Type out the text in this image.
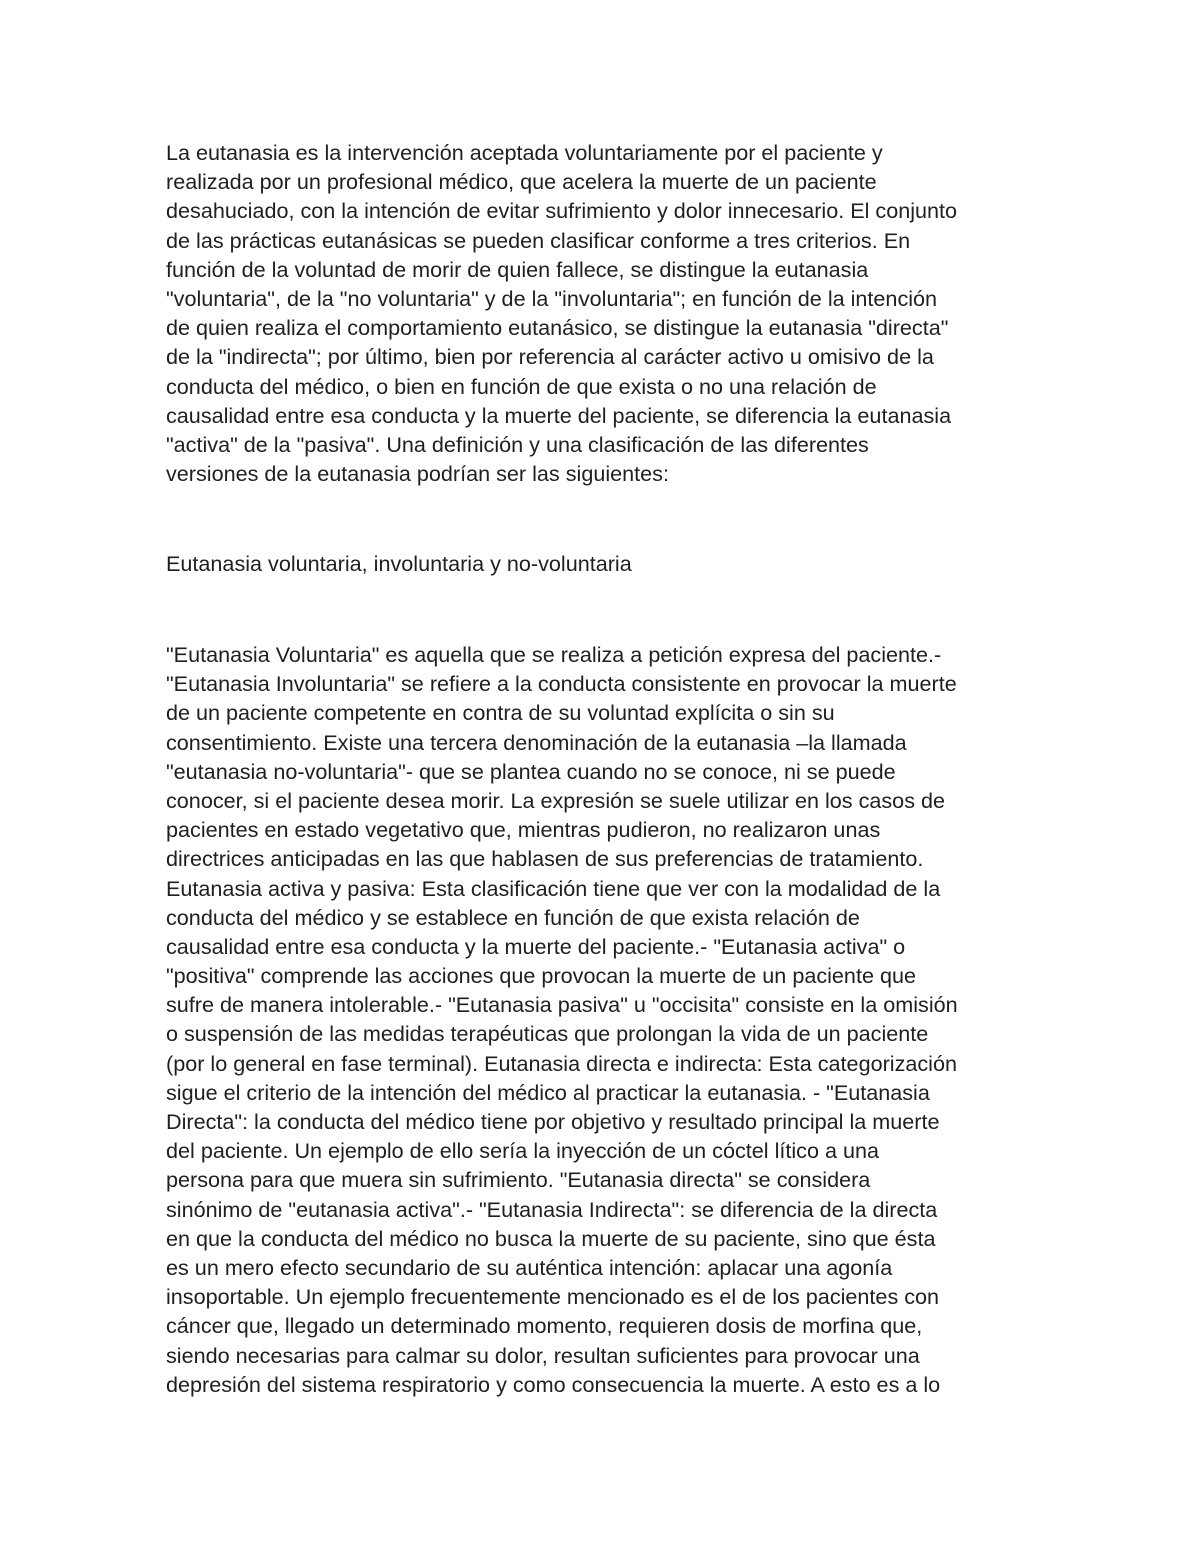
La eutanasia es la intervención aceptada voluntariamente por el paciente y
realizada por un profesional médico, que acelera la muerte de un paciente
desahuciado, con la intención de evitar sufrimiento y dolor innecesario. El conjunto
de las prácticas eutanásicas se pueden clasificar conforme a tres criterios. En
función de la voluntad de morir de quien fallece, se distingue la eutanasia
"voluntaria", de la "no voluntaria" y de la "involuntaria"; en función de la intención
de quien realiza el comportamiento eutanásico, se distingue la eutanasia "directa"
de la "indirecta"; por último, bien por referencia al carácter activo u omisivo de la
conducta del médico, o bien en función de que exista o no una relación de
causalidad entre esa conducta y la muerte del paciente, se diferencia la eutanasia
"activa" de la "pasiva". Una definición y una clasificación de las diferentes
versiones de la eutanasia podrían ser las siguientes:
Eutanasia voluntaria, involuntaria y no-voluntaria
"Eutanasia Voluntaria" es aquella que se realiza a petición expresa del paciente.-
"Eutanasia Involuntaria" se refiere a la conducta consistente en provocar la muerte
de un paciente competente en contra de su voluntad explícita o sin su
consentimiento. Existe una tercera denominación de la eutanasia –la llamada
"eutanasia no-voluntaria"- que se plantea cuando no se conoce, ni se puede
conocer, si el paciente desea morir. La expresión se suele utilizar en los casos de
pacientes en estado vegetativo que, mientras pudieron, no realizaron unas
directrices anticipadas en las que hablasen de sus preferencias de tratamiento.
Eutanasia activa y pasiva: Esta clasificación tiene que ver con la modalidad de la
conducta del médico y se establece en función de que exista relación de
causalidad entre esa conducta y la muerte del paciente.- "Eutanasia activa" o
"positiva" comprende las acciones que provocan la muerte de un paciente que
sufre de manera intolerable.- "Eutanasia pasiva" u "occisita" consiste en la omisión
o suspensión de las medidas terapéuticas que prolongan la vida de un paciente
(por lo general en fase terminal). Eutanasia directa e indirecta: Esta categorización
sigue el criterio de la intención del médico al practicar la eutanasia. - "Eutanasia
Directa": la conducta del médico tiene por objetivo y resultado principal la muerte
del paciente. Un ejemplo de ello sería la inyección de un cóctel lítico a una
persona para que muera sin sufrimiento. "Eutanasia directa" se considera
sinónimo de "eutanasia activa".- "Eutanasia Indirecta": se diferencia de la directa
en que la conducta del médico no busca la muerte de su paciente, sino que ésta
es un mero efecto secundario de su auténtica intención: aplacar una agonía
insoportable. Un ejemplo frecuentemente mencionado es el de los pacientes con
cáncer que, llegado un determinado momento, requieren dosis de morfina que,
siendo necesarias para calmar su dolor, resultan suficientes para provocar una
depresión del sistema respiratorio y como consecuencia la muerte. A esto es a lo
